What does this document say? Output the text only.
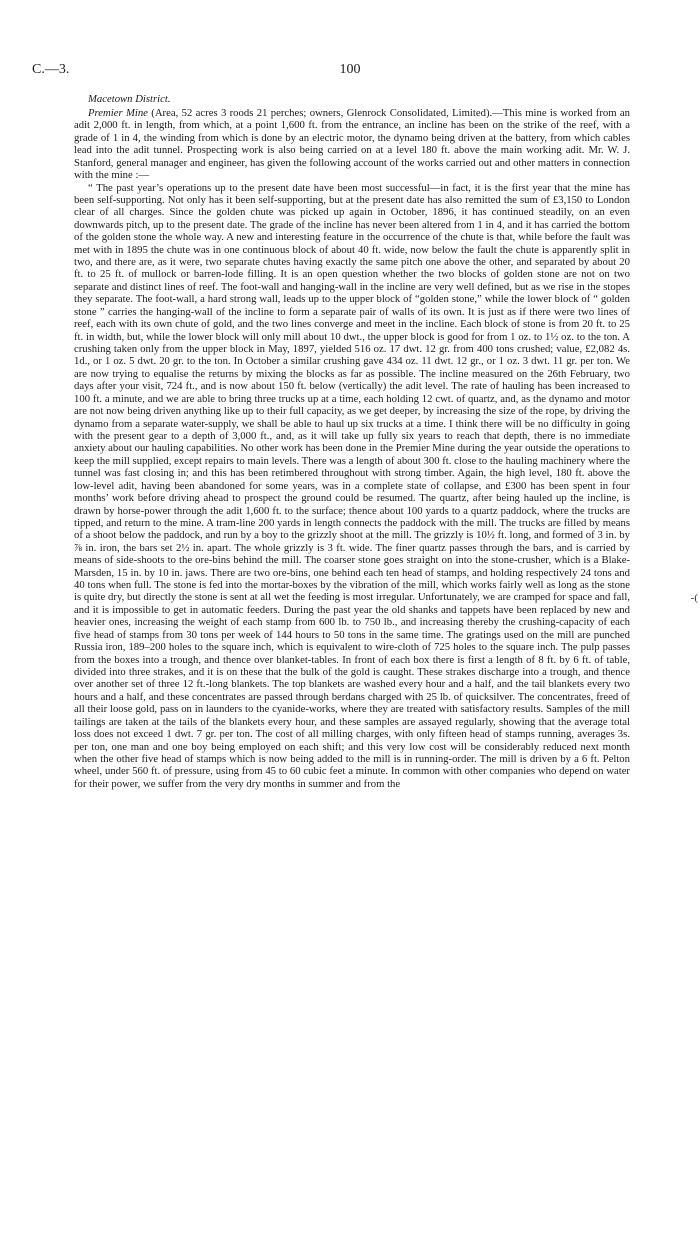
C.—3.	100

Macetown District.

Premier Mine (Area, 52 acres 3 roods 21 perches; owners, Glenrock Consolidated, Limited).—This mine is worked from an adit 2,000 ft. in length, from which, at a point 1,600 ft. from the entrance, an incline has been on the strike of the reef, with a grade of 1 in 4, the winding from which is done by an electric motor, the dynamo being driven at the battery, from which cables lead into the adit tunnel. Prospecting work is also being carried on at a level 180 ft. above the main working adit. Mr. W. J. Stanford, general manager and engineer, has given the following account of the works carried out and other matters in connection with the mine :—

“ The past year’s operations up to the present date have been most successful—in fact, it is the first year that the mine has been self-supporting. Not only has it been self-supporting, but at the present date has also remitted the sum of £3,150 to London clear of all charges. Since the golden chute was picked up again in October, 1896, it has continued steadily, on an even downwards pitch, up to the present date. The grade of the incline has never been altered from 1 in 4, and it has carried the bottom of the golden stone the whole way. A new and interesting feature in the occurrence of the chute is that, while before the fault was met with in 1895 the chute was in one continuous block of about 40 ft. wide, now below the fault the chute is apparently split in two, and there are, as it were, two separate chutes having exactly the same pitch one above the other, and separated by about 20 ft. to 25 ft. of mullock or barren-lode filling. It is an open question whether the two blocks of golden stone are not on two separate and distinct lines of reef. The foot-wall and hanging-wall in the incline are very well defined, but as we rise in the stopes they separate. The foot-wall, a hard strong wall, leads up to the upper block of “golden stone,” while the lower block of “ golden stone ” carries the hanging-wall of the incline to form a separate pair of walls of its own. It is just as if there were two lines of reef, each with its own chute of gold, and the two lines converge and meet in the incline. Each block of stone is from 20 ft. to 25 ft. in width, but, while the lower block will only mill about 10 dwt., the upper block is good for from 1 oz. to 1½ oz. to the ton. A crushing taken only from the upper block in May, 1897, yielded 516 oz. 17 dwt. 12 gr. from 400 tons crushed; value, £2,082 4s. 1d., or 1 oz. 5 dwt. 20 gr. to the ton. In October a similar crushing gave 434 oz. 11 dwt. 12 gr., or 1 oz. 3 dwt. 11 gr. per ton. We are now trying to equalise the returns by mixing the blocks as far as possible. The incline measured on the 26th February, two days after your visit, 724 ft., and is now about 150 ft. below (vertically) the adit level. The rate of hauling has been increased to 100 ft. a minute, and we are able to bring three trucks up at a time, each holding 12 cwt. of quartz, and, as the dynamo and motor are not now being driven anything like up to their full capacity, as we get deeper, by increasing the size of the rope, by driving the dynamo from a separate water-supply, we shall be able to haul up six trucks at a time. I think there will be no difficulty in going with the present gear to a depth of 3,000 ft., and, as it will take up fully six years to reach that depth, there is no immediate anxiety about our hauling capabilities. No other work has been done in the Premier Mine during the year outside the operations to keep the mill supplied, except repairs to main levels. There was a length of about 300 ft. close to the hauling machinery where the tunnel was fast closing in; and this has been retimbered throughout with strong timber. Again, the high level, 180 ft. above the low-level adit, having been abandoned for some years, was in a complete state of collapse, and £300 has been spent in four months’ work before driving ahead to prospect the ground could be resumed. The quartz, after being hauled up the incline, is drawn by horse-power through the adit 1,600 ft. to the surface; thence about 100 yards to a quartz paddock, where the trucks are tipped, and return to the mine. A tram-line 200 yards in length connects the paddock with the mill. The trucks are filled by means of a shoot below the paddock, and run by a boy to the grizzly shoot at the mill. The grizzly is 10½ ft. long, and formed of 3 in. by ⅞ in. iron, the bars set 2½ in. apart. The whole grizzly is 3 ft. wide. The finer quartz passes through the bars, and is carried by means of side-shoots to the ore-bins behind the mill. The coarser stone goes straight on into the stone-crusher, which is a Blake-Marsden, 15 in. by 10 in. jaws. There are two ore-bins, one behind each ten head of stamps, and holding respectively 24 tons and 40 tons when full. The stone is fed into the mortar-boxes by the vibration of the mill, which works fairly well as long as the stone is quite dry, but directly the stone is sent at all wet the feeding is most irregular. Unfortunately, we are cramped for space and fall, and it is impossible to get in automatic feeders. During the past year the old shanks and tappets have been replaced by new and heavier ones, increasing the weight of each stamp from 600 lb. to 750 lb., and increasing thereby the crushing-capacity of each five head of stamps from 30 tons per week of 144 hours to 50 tons in the same time. The gratings used on the mill are punched Russia iron, 189–200 holes to the square inch, which is equivalent to wire-cloth of 725 holes to the square inch. The pulp passes from the boxes into a trough, and thence over blanket-tables. In front of each box there is first a length of 8 ft. by 6 ft. of table, divided into three strakes, and it is on these that the bulk of the gold is caught. These strakes discharge into a trough, and thence over another set of three 12 ft.-long blankets. The top blankets are washed every hour and a half, and the tail blankets every two hours and a half, and these concentrates are passed through berdans charged with 25 lb. of quicksilver. The concentrates, freed of all their loose gold, pass on in launders to the cyanide-works, where they are treated with satisfactory results. Samples of the mill tailings are taken at the tails of the blankets every hour, and these samples are assayed regularly, showing that the average total loss does not exceed 1 dwt. 7 gr. per ton. The cost of all milling charges, with only fifteen head of stamps running, averages 3s. per ton, one man and one boy being employed on each shift; and this very low cost will be considerably reduced next month when the other five head of stamps which is now being added to the mill is in running-order. The mill is driven by a 6 ft. Pelton wheel, under 560 ft. of pressure, using from 45 to 60 cubic feet a minute. In common with other companies who depend on water for their power, we suffer from the very dry months in summer and from the

-(
